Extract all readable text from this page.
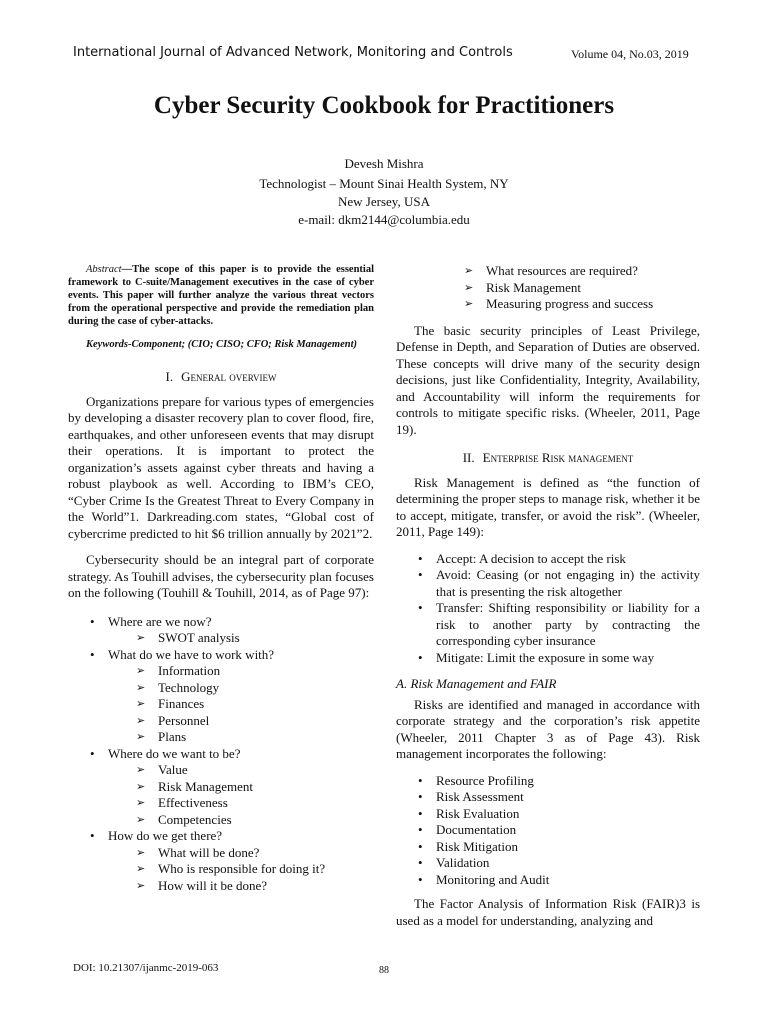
International Journal of Advanced Network, Monitoring and Controls	Volume 04, No.03, 2019
Cyber Security Cookbook for Practitioners
Devesh Mishra
Technologist – Mount Sinai Health System, NY
New Jersey, USA
e-mail: dkm2144@columbia.edu

Abstract—The scope of this paper is to provide the essential framework to C-suite/Management executives in the case of cyber events. This paper will further analyze the various threat vectors from the operational perspective and provide the remediation plan during the case of cyber-attacks.

Keywords-Component; (CIO; CISO; CFO; Risk Management)

I. General overview

Organizations prepare for various types of emergencies by developing a disaster recovery plan to cover flood, fire, earthquakes, and other unforeseen events that may disrupt their operations. It is important to protect the organization’s assets against cyber threats and having a robust playbook as well. According to IBM’s CEO, “Cyber Crime Is the Greatest Threat to Every Company in the World”1. Darkreading.com states, “Global cost of cybercrime predicted to hit $6 trillion annually by 2021”2.

Cybersecurity should be an integral part of corporate strategy. As Touhill advises, the cybersecurity plan focuses on the following (Touhill & Touhill, 2014, as of Page 97):

• Where are we now?
➢ SWOT analysis
• What do we have to work with?
➢ Information
➢ Technology
➢ Finances
➢ Personnel
➢ Plans
• Where do we want to be?
➢ Value
➢ Risk Management
➢ Effectiveness
➢ Competencies
• How do we get there?
➢ What will be done?
➢ Who is responsible for doing it?
➢ How will it be done?
➢ What resources are required?
➢ Risk Management
➢ Measuring progress and success

The basic security principles of Least Privilege, Defense in Depth, and Separation of Duties are observed. These concepts will drive many of the security design decisions, just like Confidentiality, Integrity, Availability, and Accountability will inform the requirements for controls to mitigate specific risks. (Wheeler, 2011, Page 19).

II. Enterprise Risk management

Risk Management is defined as “the function of determining the proper steps to manage risk, whether it be to accept, mitigate, transfer, or avoid the risk”. (Wheeler, 2011, Page 149):

• Accept: A decision to accept the risk
• Avoid: Ceasing (or not engaging in) the activity that is presenting the risk altogether
• Transfer: Shifting responsibility or liability for a risk to another party by contracting the corresponding cyber insurance
• Mitigate: Limit the exposure in some way
A. Risk Management and FAIR

Risks are identified and managed in accordance with corporate strategy and the corporation’s risk appetite (Wheeler, 2011 Chapter 3 as of Page 43). Risk management incorporates the following:

• Resource Profiling
• Risk Assessment
• Risk Evaluation
• Documentation
• Risk Mitigation
• Validation
• Monitoring and Audit

The Factor Analysis of Information Risk (FAIR)3 is used as a model for understanding, analyzing and

DOI: 10.21307/ijanmc-2019-063	88
